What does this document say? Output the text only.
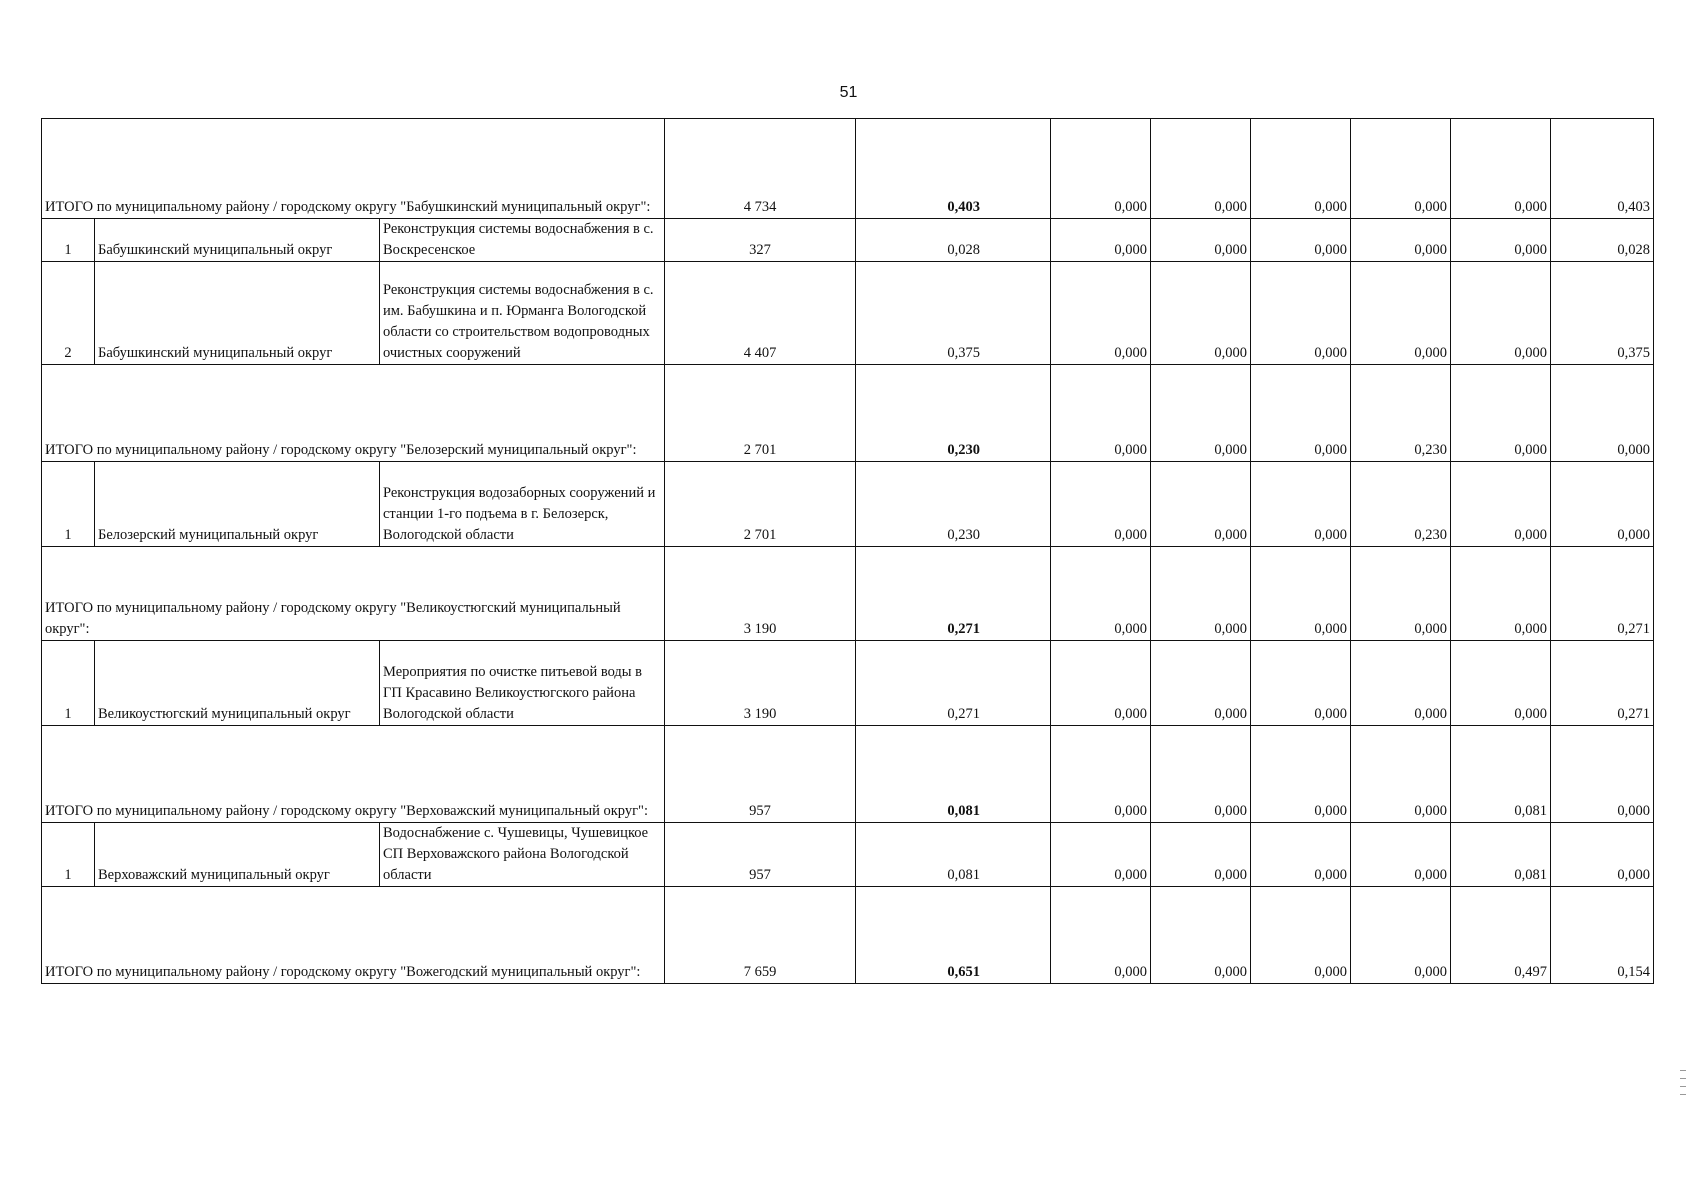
51
ИТОГО по муниципальному району / городскому округу "Бабушкинский муниципальный округ":			4 734	0,403	0,000	0,000	0,000	0,000	0,000	0,403
1	Бабушкинский муниципальный округ	Реконструкция системы водоснабжения в с. Воскресенское	327	0,028	0,000	0,000	0,000	0,000	0,000	0,028
2	Бабушкинский муниципальный округ	Реконструкция системы водоснабжения в с. им. Бабушкина и п. Юрманга Вологодской области со строительством водопроводных очистных сооружений	4 407	0,375	0,000	0,000	0,000	0,000	0,000	0,375
ИТОГО по муниципальному району / городскому округу "Белозерский муниципальный округ":			2 701	0,230	0,000	0,000	0,000	0,230	0,000	0,000
1	Белозерский муниципальный округ	Реконструкция водозаборных сооружений и станции 1-го подъема в г. Белозерск, Вологодской области	2 701	0,230	0,000	0,000	0,000	0,230	0,000	0,000
ИТОГО по муниципальному району / городскому округу "Великоустюгский муниципальный округ":			3 190	0,271	0,000	0,000	0,000	0,000	0,000	0,271
1	Великоустюгский муниципальный округ	Мероприятия по очистке питьевой воды в ГП Красавино Великоустюгского района Вологодской области	3 190	0,271	0,000	0,000	0,000	0,000	0,000	0,271
ИТОГО по муниципальному району / городскому округу "Верховажский муниципальный округ":			957	0,081	0,000	0,000	0,000	0,000	0,081	0,000
1	Верховажский муниципальный округ	Водоснабжение с. Чушевицы, Чушевицкое СП Верховажского района Вологодской области	957	0,081	0,000	0,000	0,000	0,000	0,081	0,000
ИТОГО по муниципальному району / городскому округу "Вожегодский муниципальный округ":			7 659	0,651	0,000	0,000	0,000	0,000	0,497	0,154
